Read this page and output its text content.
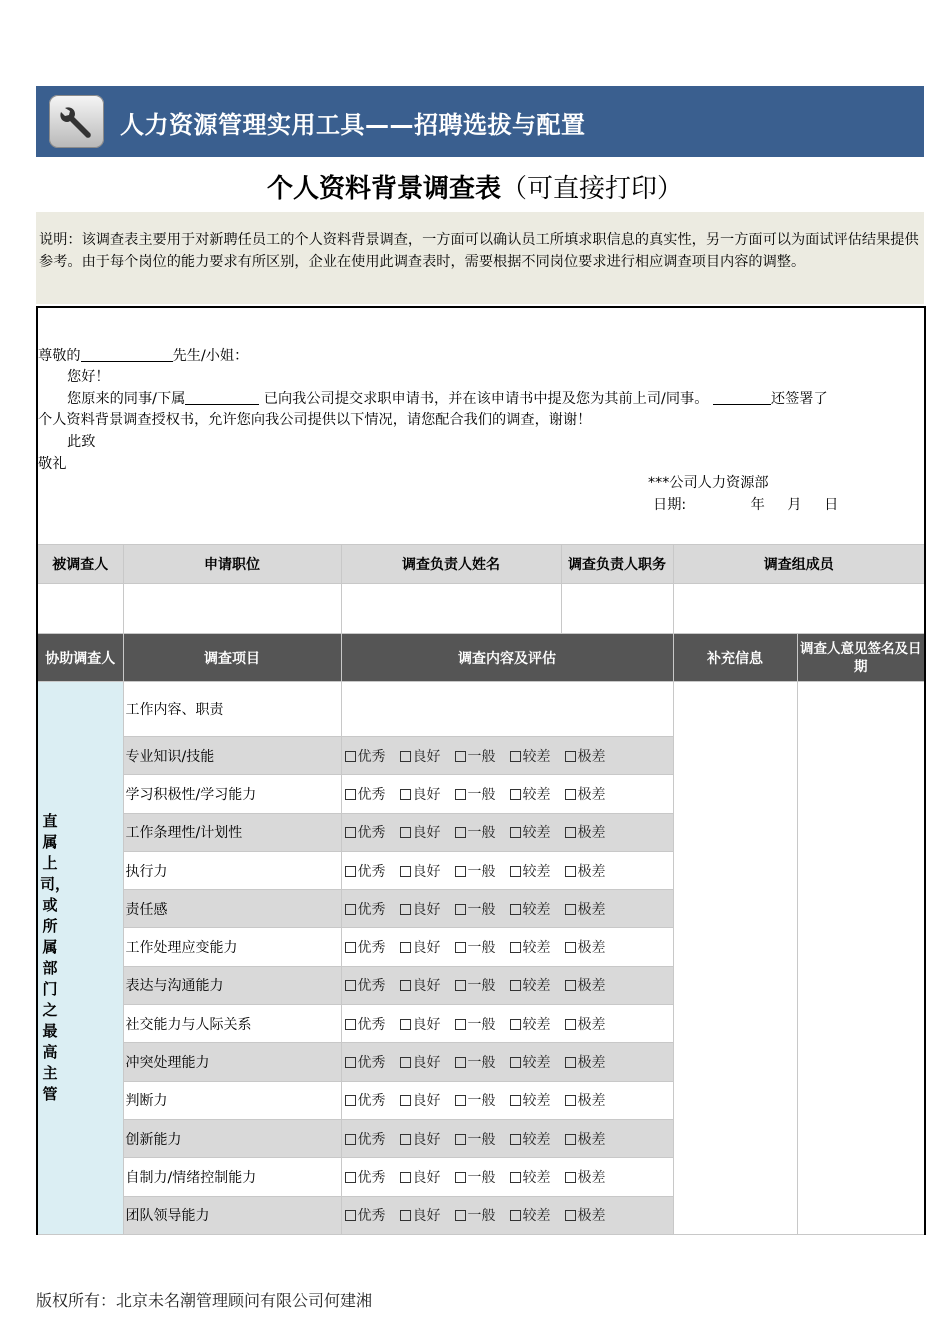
人力资源管理实用工具——招聘选拔与配置
个人资料背景调查表（可直接打印）
说明：该调查表主要用于对新聘任员工的个人资料背景调查，一方面可以确认员工所填求职信息的真实性，另一方面可以为面试评估结果提供参考。由于每个岗位的能力要求有所区别，企业在使用此调查表时，需要根据不同岗位要求进行相应调查项目内容的调整。
尊敬的	先生/小姐：
您好！
您原来的同事/下属	已向我公司提交求职申请书，并在该申请书中提及您为其前上司/同事。	还签署了
个人资料背景调查授权书，允许您向我公司提供以下情况，请您配合我们的调查，谢谢！
此致
敬礼
***公司人力资源部
日期:	年 月 日
被调查人	申请职位	调查负责人姓名	调查负责人职务	调查组成员	

协助调查人	调查项目	调查内容及评估		补充信息	调查人意见签名及日期

直属上司，或所属部门之最高主管	工作内容、职责				
	专业知识/技能	优秀 良好 一般 较差 极差			
	学习积极性/学习能力	优秀 良好 一般 较差 极差			
	工作条理性/计划性	优秀 良好 一般 较差 极差			
	执行力	优秀 良好 一般 较差 极差			
	责任感	优秀 良好 一般 较差 极差			
	工作处理应变能力	优秀 良好 一般 较差 极差			
	表达与沟通能力	优秀 良好 一般 较差 极差			
	社交能力与人际关系	优秀 良好 一般 较差 极差			
	冲突处理能力	优秀 良好 一般 较差 极差			
	判断力	优秀 良好 一般 较差 极差			
	创新能力	优秀 良好 一般 较差 极差			
	自制力/情绪控制能力	优秀 良好 一般 较差 极差			
	团队领导能力	优秀 良好 一般 较差 极差			
版权所有：北京未名潮管理顾问有限公司何建湘
